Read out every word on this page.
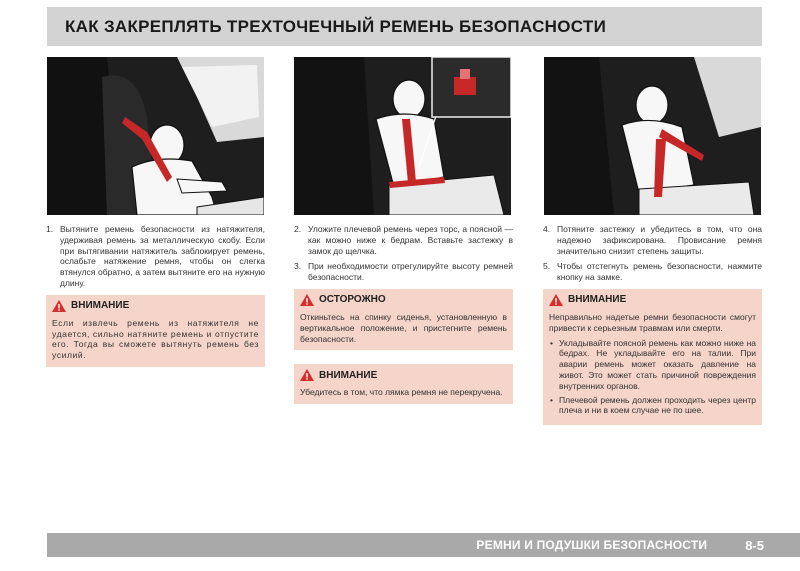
КАК ЗАКРЕПЛЯТЬ ТРЕХТОЧЕЧНЫЙ РЕМЕНЬ БЕЗОПАСНОСТИ
1. Вытяните ремень безопасности из натяжителя, удерживая ремень за металлическую скобу. Если при вытягивании натяжитель заблокирует ремень, ослабьте натяжение ремня, чтобы он слегка втянулся обратно, а затем вытяните его на нужную длину.
ВНИМАНИЕ

Если извлечь ремень из натяжителя не удается, сильно натяните ремень и отпустите его. Тогда вы сможете вытянуть ремень без усилий.

2. Уложите плечевой ремень через торс, а поясной — как можно ниже к бедрам. Вставьте застежку в замок до щелчка.
3. При необходимости отрегулируйте высоту ремней безопасности.
ОСТОРОЖНО

Откиньтесь на спинку сиденья, установленную в вертикальное положение, и пристегните ремень безопасности.

ВНИМАНИЕ

Убедитесь в том, что лямка ремня не перекручена.

4. Потяните застежку и убедитесь в том, что она надежно зафиксирована. Провисание ремня значительно снизит степень защиты.
5. Чтобы отстегнуть ремень безопасности, нажмите кнопку на замке.
ВНИМАНИЕ

Неправильно надетые ремни безопасности смогут привести к серьезным травмам или смерти.

• Укладывайте поясной ремень как можно ниже на бедрах. Не укладывайте его на талии. При аварии ремень может оказать давление на живот. Это может стать причиной повреждения внутренних органов.
• Плечевой ремень должен проходить через центр плеча и ни в коем случае не по шее.
РЕМНИ И ПОДУШКИ БЕЗОПАСНОСТИ	8-5
